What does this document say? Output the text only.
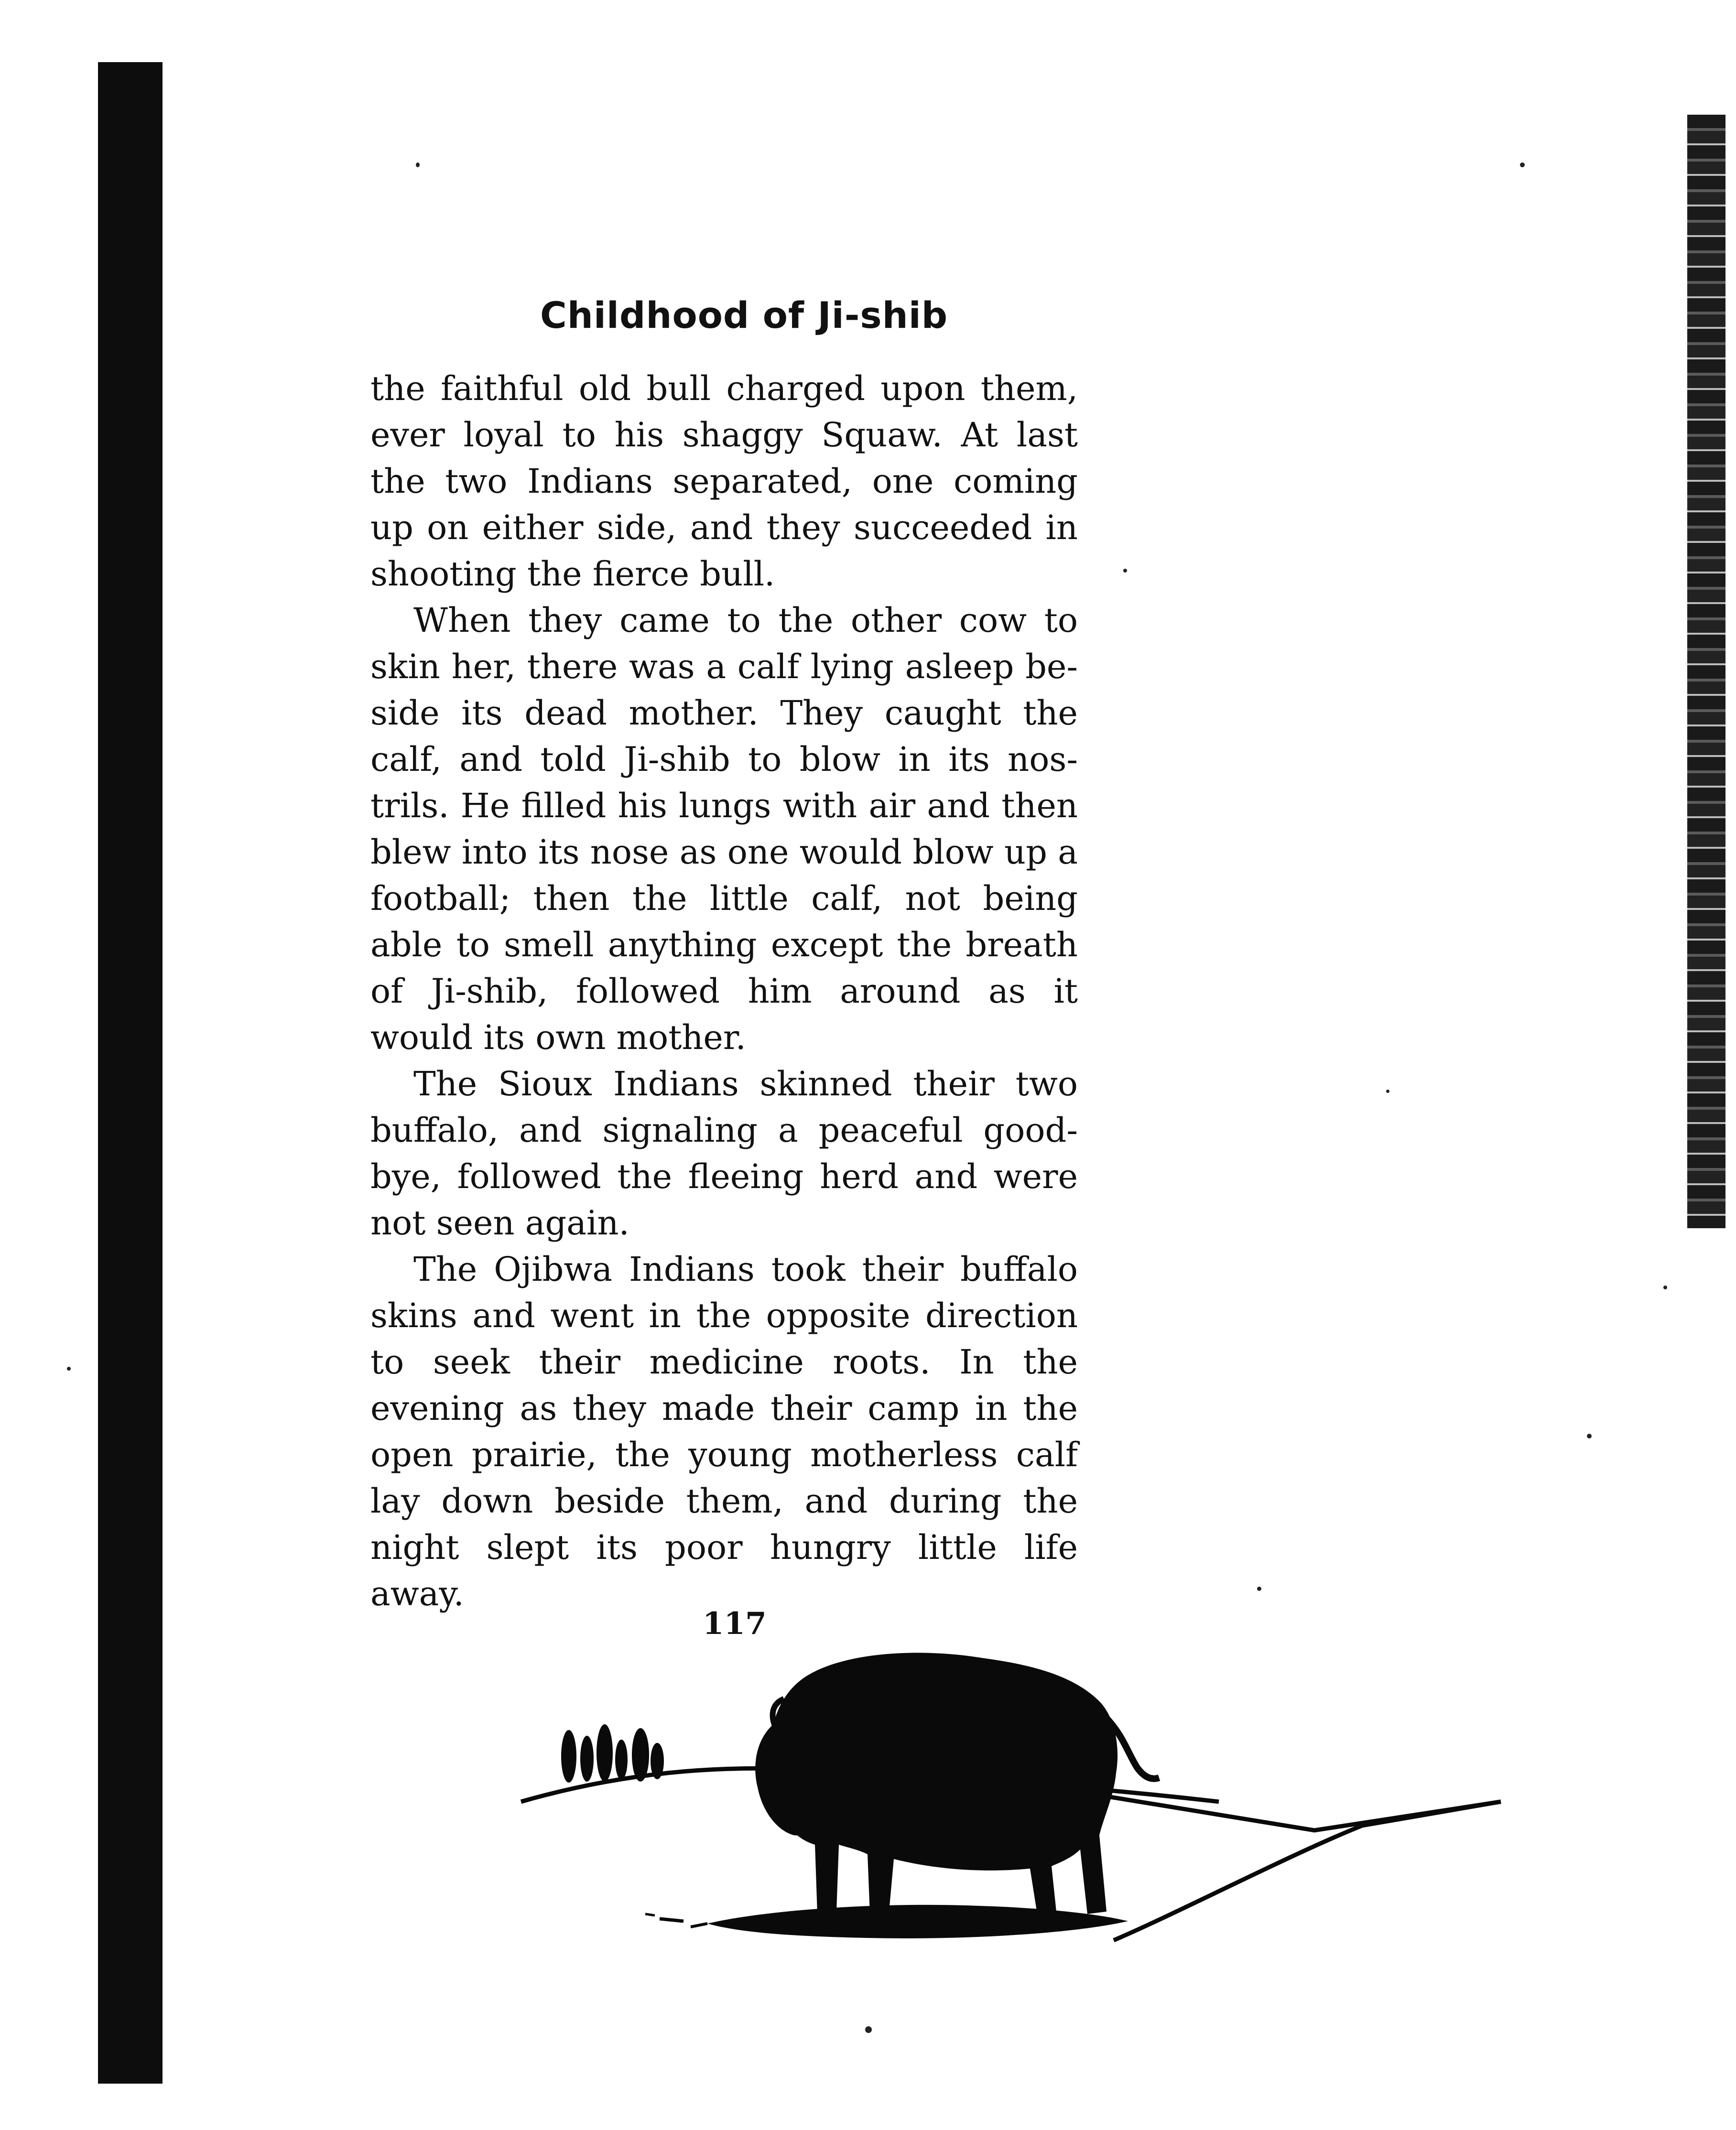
Childhood of Ji-shib

the faithful old bull charged upon them, ever loyal to his shaggy Squaw. At last the two Indians separated, one coming up on either side, and they succeeded in shooting the fierce bull.

When they came to the other cow to skin her, there was a calf lying asleep beside its dead mother. They caught the calf, and told Ji-shib to blow in its nostrils. He filled his lungs with air and then blew into its nose as one would blow up a football; then the little calf, not being able to smell anything except the breath of Ji-shib, followed him around as it would its own mother.

The Sioux Indians skinned their two buffalo, and signaling a peaceful goodbye, followed the fleeing herd and were not seen again.

The Ojibwa Indians took their buffalo skins and went in the opposite direction to seek their medicine roots. In the evening as they made their camp in the open prairie, the young motherless calf lay down beside them, and during the night slept its poor hungry little life away.

117
